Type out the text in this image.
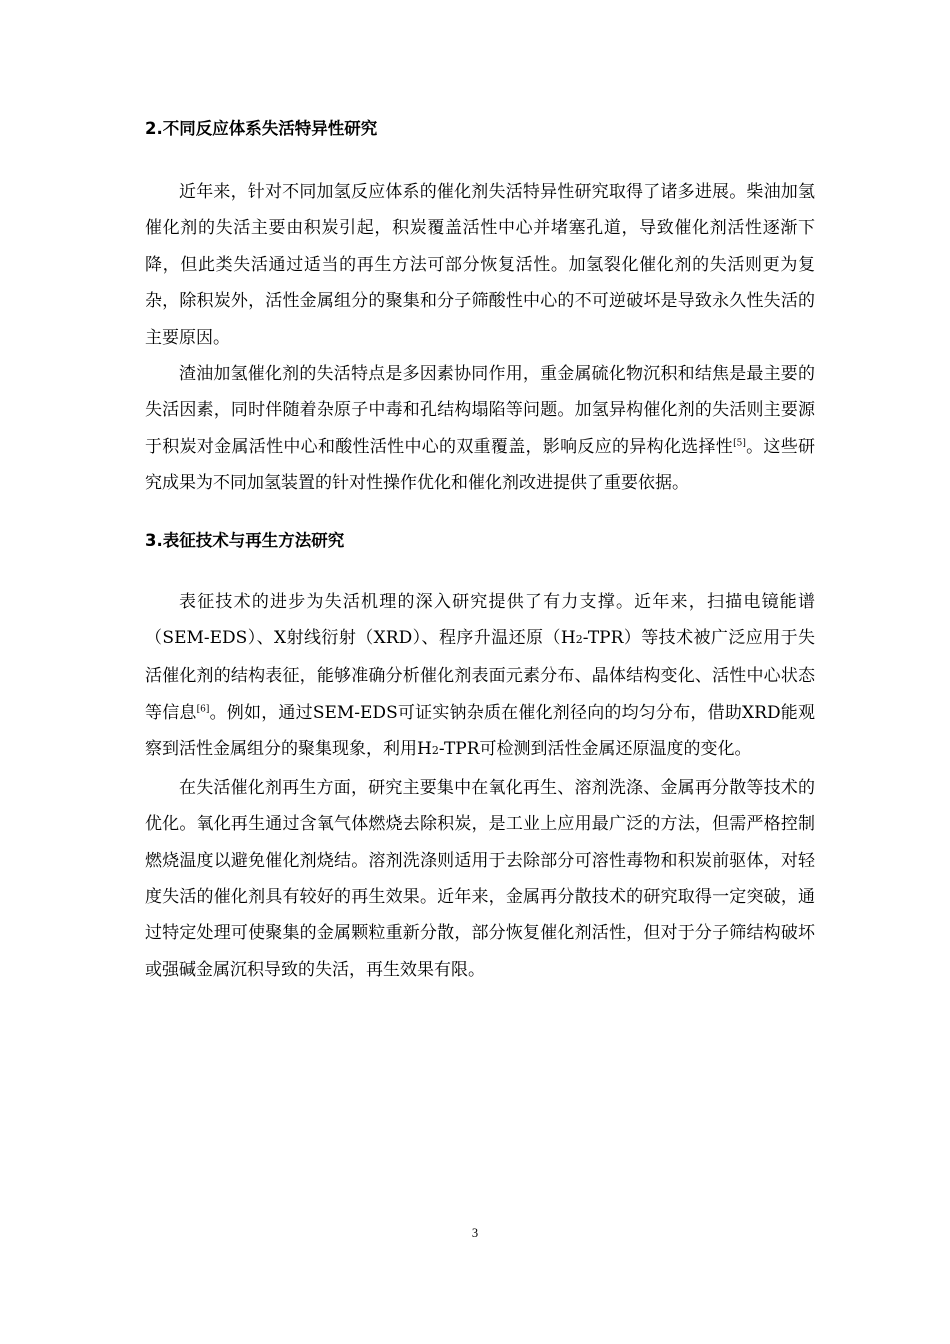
2.不同反应体系失活特异性研究

近年来，针对不同加氢反应体系的催化剂失活特异性研究取得了诸多进展。柴油加氢催化剂的失活主要由积炭引起，积炭覆盖活性中心并堵塞孔道，导致催化剂活性逐渐下降，但此类失活通过适当的再生方法可部分恢复活性。加氢裂化催化剂的失活则更为复杂，除积炭外，活性金属组分的聚集和分子筛酸性中心的不可逆破坏是导致永久性失活的主要原因。

渣油加氢催化剂的失活特点是多因素协同作用，重金属硫化物沉积和结焦是最主要的失活因素，同时伴随着杂原子中毒和孔结构塌陷等问题。加氢异构催化剂的失活则主要源于积炭对金属活性中心和酸性活性中心的双重覆盖，影响反应的异构化选择性[5]。这些研究成果为不同加氢装置的针对性操作优化和催化剂改进提供了重要依据。

3.表征技术与再生方法研究

表征技术的进步为失活机理的深入研究提供了有力支撑。近年来，扫描电镜能谱（SEM-EDS）、X射线衍射（XRD）、程序升温还原（H2-TPR）等技术被广泛应用于失活催化剂的结构表征，能够准确分析催化剂表面元素分布、晶体结构变化、活性中心状态等信息[6]。例如，通过SEM-EDS可证实钠杂质在催化剂径向的均匀分布，借助XRD能观察到活性金属组分的聚集现象，利用H2-TPR可检测到活性金属还原温度的变化。

在失活催化剂再生方面，研究主要集中在氧化再生、溶剂洗涤、金属再分散等技术的优化。氧化再生通过含氧气体燃烧去除积炭，是工业上应用最广泛的方法，但需严格控制燃烧温度以避免催化剂烧结。溶剂洗涤则适用于去除部分可溶性毒物和积炭前驱体，对轻度失活的催化剂具有较好的再生效果。近年来，金属再分散技术的研究取得一定突破，通过特定处理可使聚集的金属颗粒重新分散，部分恢复催化剂活性，但对于分子筛结构破坏或强碱金属沉积导致的失活，再生效果有限。

3
